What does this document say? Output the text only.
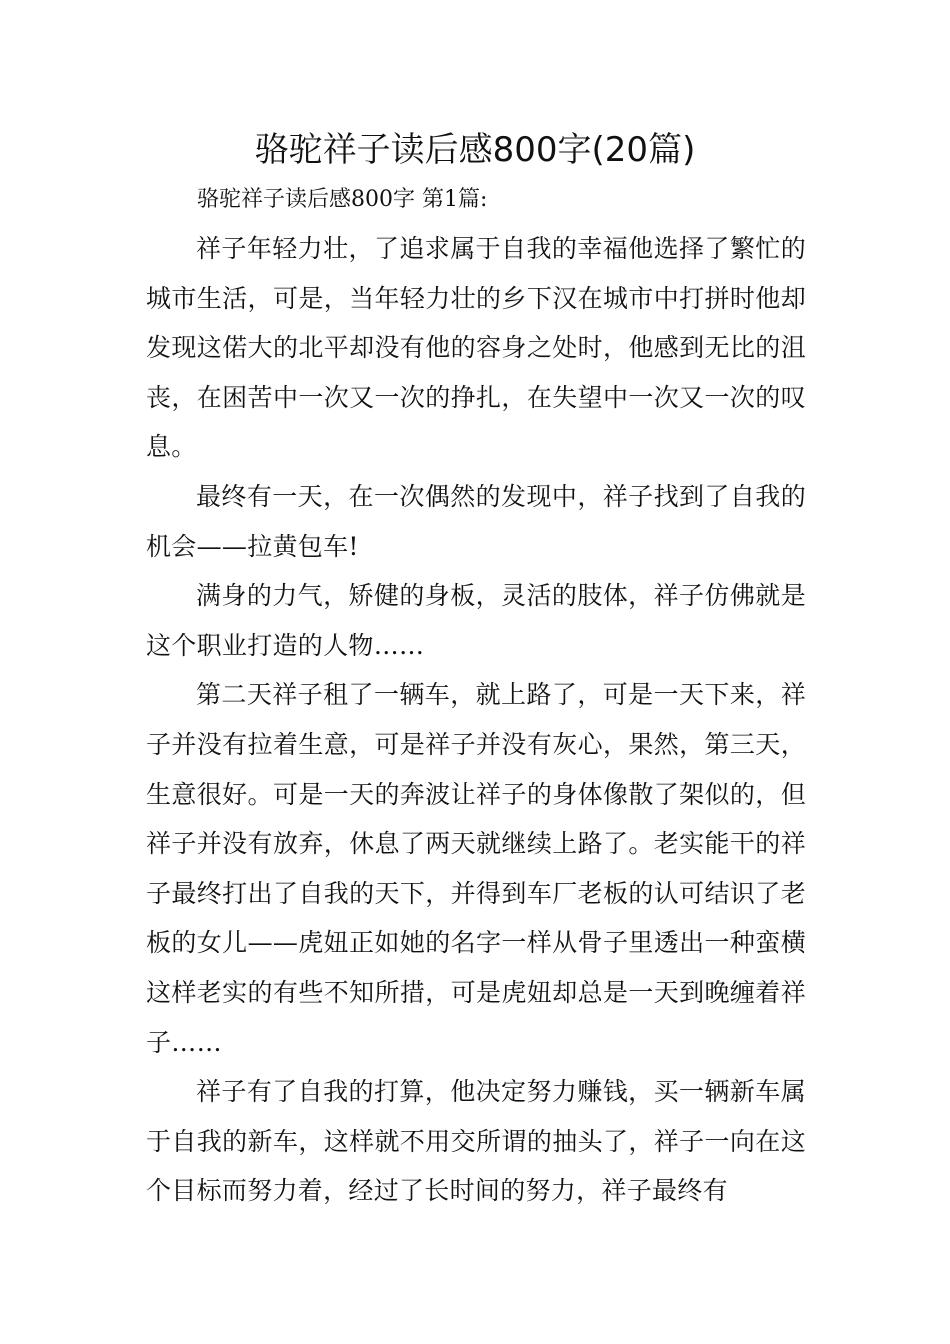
骆驼祥子读后感800字(20篇)

骆驼祥子读后感800字 第1篇:

祥子年轻力壮，了追求属于自我的幸福他选择了繁忙的城市生活，可是，当年轻力壮的乡下汉在城市中打拼时他却发现这偌大的北平却没有他的容身之处时，他感到无比的沮丧，在困苦中一次又一次的挣扎，在失望中一次又一次的叹息。

最终有一天，在一次偶然的发现中，祥子找到了自我的机会——拉黄包车!

满身的力气，矫健的身板，灵活的肢体，祥子仿佛就是这个职业打造的人物……

第二天祥子租了一辆车，就上路了，可是一天下来，祥子并没有拉着生意，可是祥子并没有灰心，果然，第三天，生意很好。可是一天的奔波让祥子的身体像散了架似的，但祥子并没有放弃，休息了两天就继续上路了。老实能干的祥子最终打出了自我的天下，并得到车厂老板的认可结识了老板的女儿——虎妞正如她的名字一样从骨子里透出一种蛮横这样老实的有些不知所措，可是虎妞却总是一天到晚缠着祥子……

祥子有了自我的打算，他决定努力赚钱，买一辆新车属于自我的新车，这样就不用交所谓的抽头了，祥子一向在这个目标而努力着，经过了长时间的努力，祥子最终有
